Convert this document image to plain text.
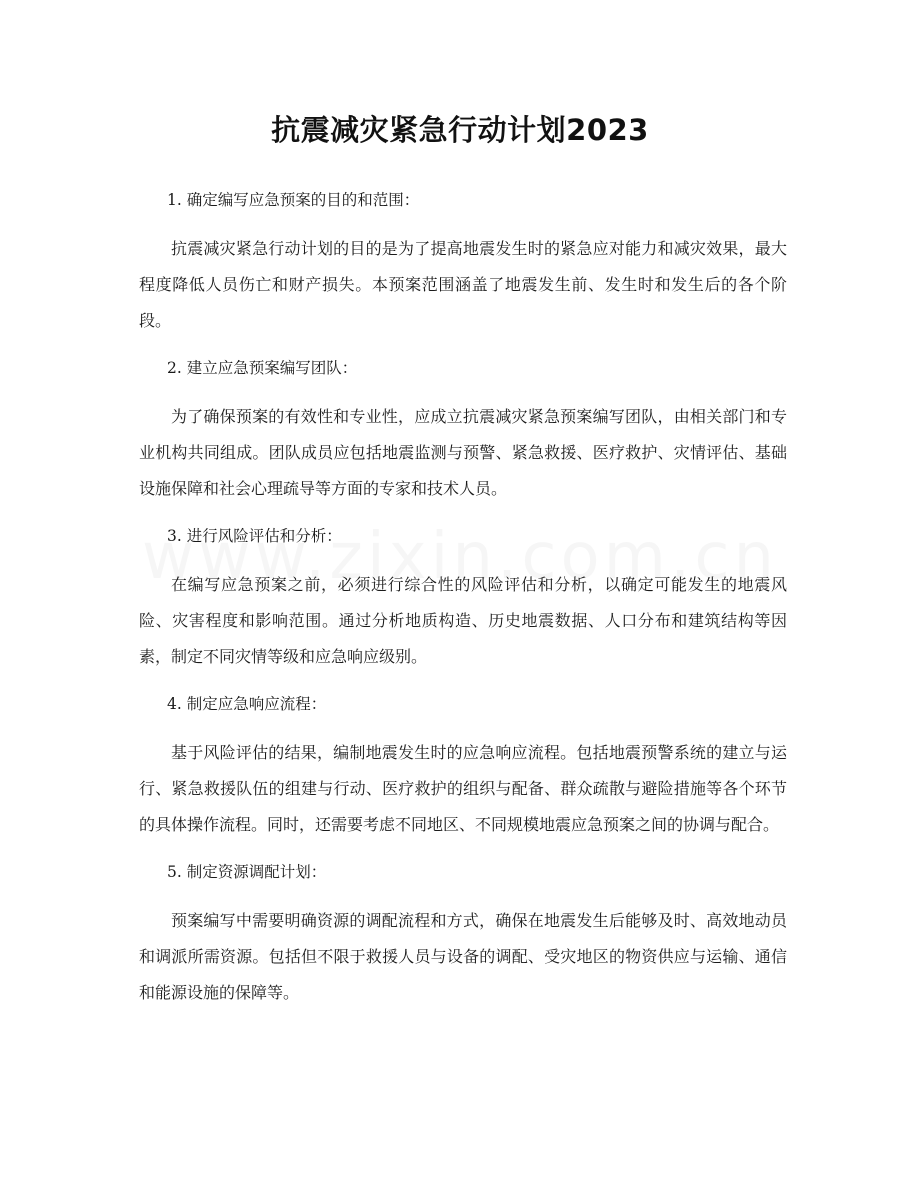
抗震减灾紧急行动计划2023

1. 确定编写应急预案的目的和范围：

抗震减灾紧急行动计划的目的是为了提高地震发生时的紧急应对能力和减灾效果，最大程度降低人员伤亡和财产损失。本预案范围涵盖了地震发生前、发生时和发生后的各个阶段。

2. 建立应急预案编写团队：

为了确保预案的有效性和专业性，应成立抗震减灾紧急预案编写团队，由相关部门和专业机构共同组成。团队成员应包括地震监测与预警、紧急救援、医疗救护、灾情评估、基础设施保障和社会心理疏导等方面的专家和技术人员。

3. 进行风险评估和分析：

在编写应急预案之前，必须进行综合性的风险评估和分析，以确定可能发生的地震风险、灾害程度和影响范围。通过分析地质构造、历史地震数据、人口分布和建筑结构等因素，制定不同灾情等级和应急响应级别。

4. 制定应急响应流程：

基于风险评估的结果，编制地震发生时的应急响应流程。包括地震预警系统的建立与运行、紧急救援队伍的组建与行动、医疗救护的组织与配备、群众疏散与避险措施等各个环节的具体操作流程。同时，还需要考虑不同地区、不同规模地震应急预案之间的协调与配合。

5. 制定资源调配计划：

预案编写中需要明确资源的调配流程和方式，确保在地震发生后能够及时、高效地动员和调派所需资源。包括但不限于救援人员与设备的调配、受灾地区的物资供应与运输、通信和能源设施的保障等。
